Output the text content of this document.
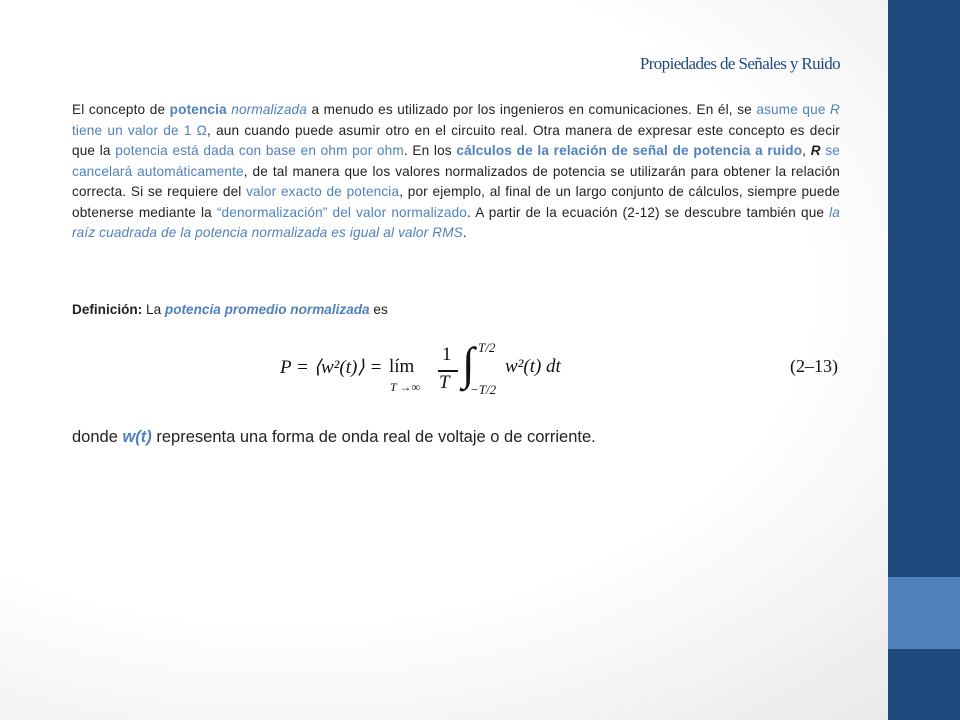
Propiedades de Señales y Ruido
El concepto de potencia normalizada a menudo es utilizado por los ingenieros en comunicaciones. En él, se asume que R tiene un valor de 1 Ω, aun cuando puede asumir otro en el circuito real. Otra manera de expresar este concepto es decir que la potencia está dada con base en ohm por ohm. En los cálculos de la relación de señal de potencia a ruido, R se cancelará automáticamente, de tal manera que los valores normalizados de potencia se utilizarán para obtener la relación correcta. Si se requiere del valor exacto de potencia, por ejemplo, al final de un largo conjunto de cálculos, siempre puede obtenerse mediante la “denormalización” del valor normalizado. A partir de la ecuación (2-12) se descubre también que la raíz cuadrada de la potencia normalizada es igual al valor RMS.
Definición: La potencia promedio normalizada es
P = ⟨w²(t)⟩ = lím
T →∞
1
T ∫ T/2
−T/2
w²(t) dt	(2–13)
donde w(t) representa una forma de onda real de voltaje o de corriente.
